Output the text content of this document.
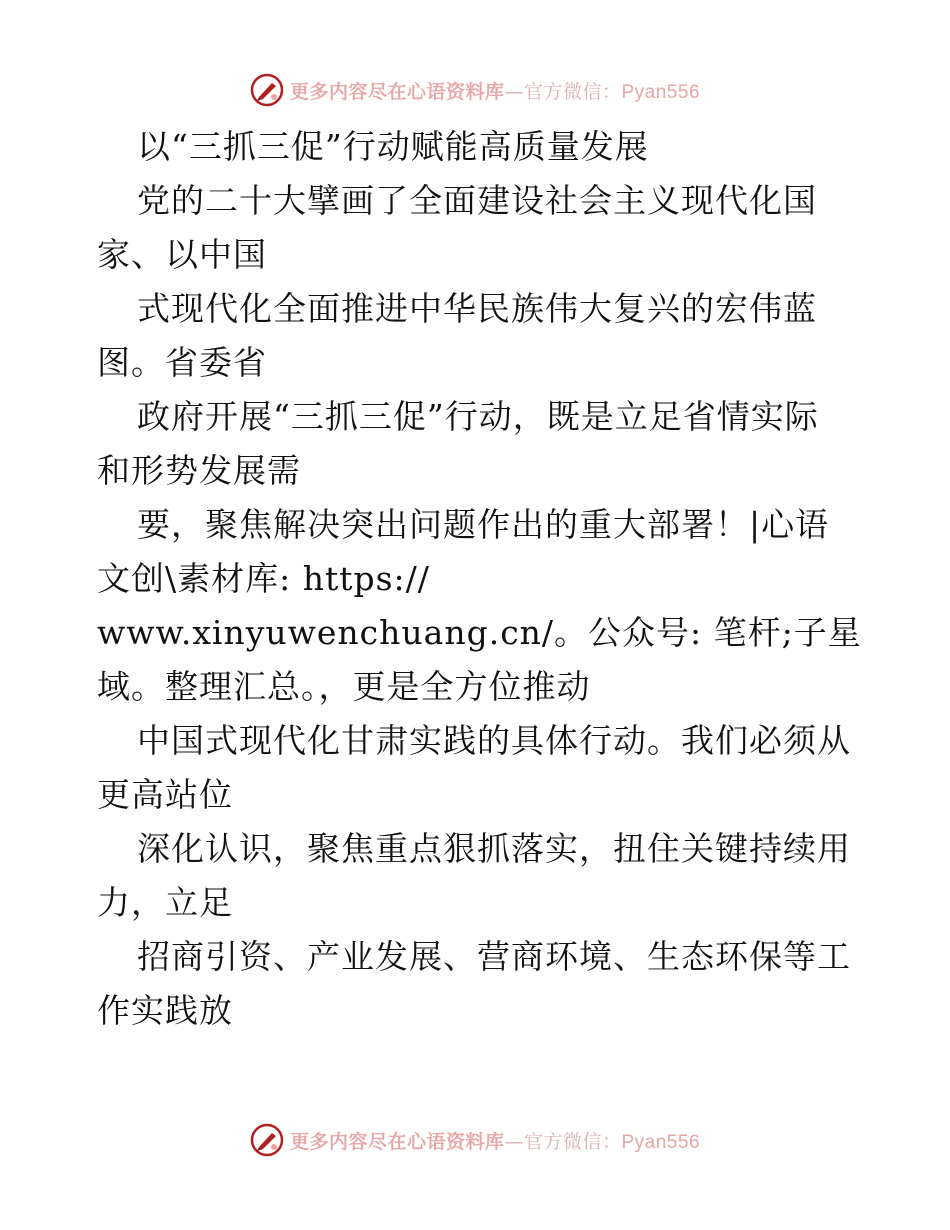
更多内容尽在心语资料库 —官方微信： Pyan556
以“三抓三促”行动赋能高质量发展
党的二十大擘画了全面建设社会主义现代化国
家、以中国
式现代化全面推进中华民族伟大复兴的宏伟蓝
图。省委省
政府开展“三抓三促”行动，既是立足省情实际
和形势发展需
要，聚焦解决突出问题作出的重大部署！|心语
文创\素材库: https://
www.xinyuwenchuang.cn/。公众号: 笔杆;子星
域。整理汇总。，更是全方位推动
中国式现代化甘肃实践的具体行动。我们必须从
更高站位
深化认识，聚焦重点狠抓落实，扭住关键持续用
力，立足
招商引资、产业发展、营商环境、生态环保等工
作实践放
更多内容尽在心语资料库 —官方微信： Pyan556
